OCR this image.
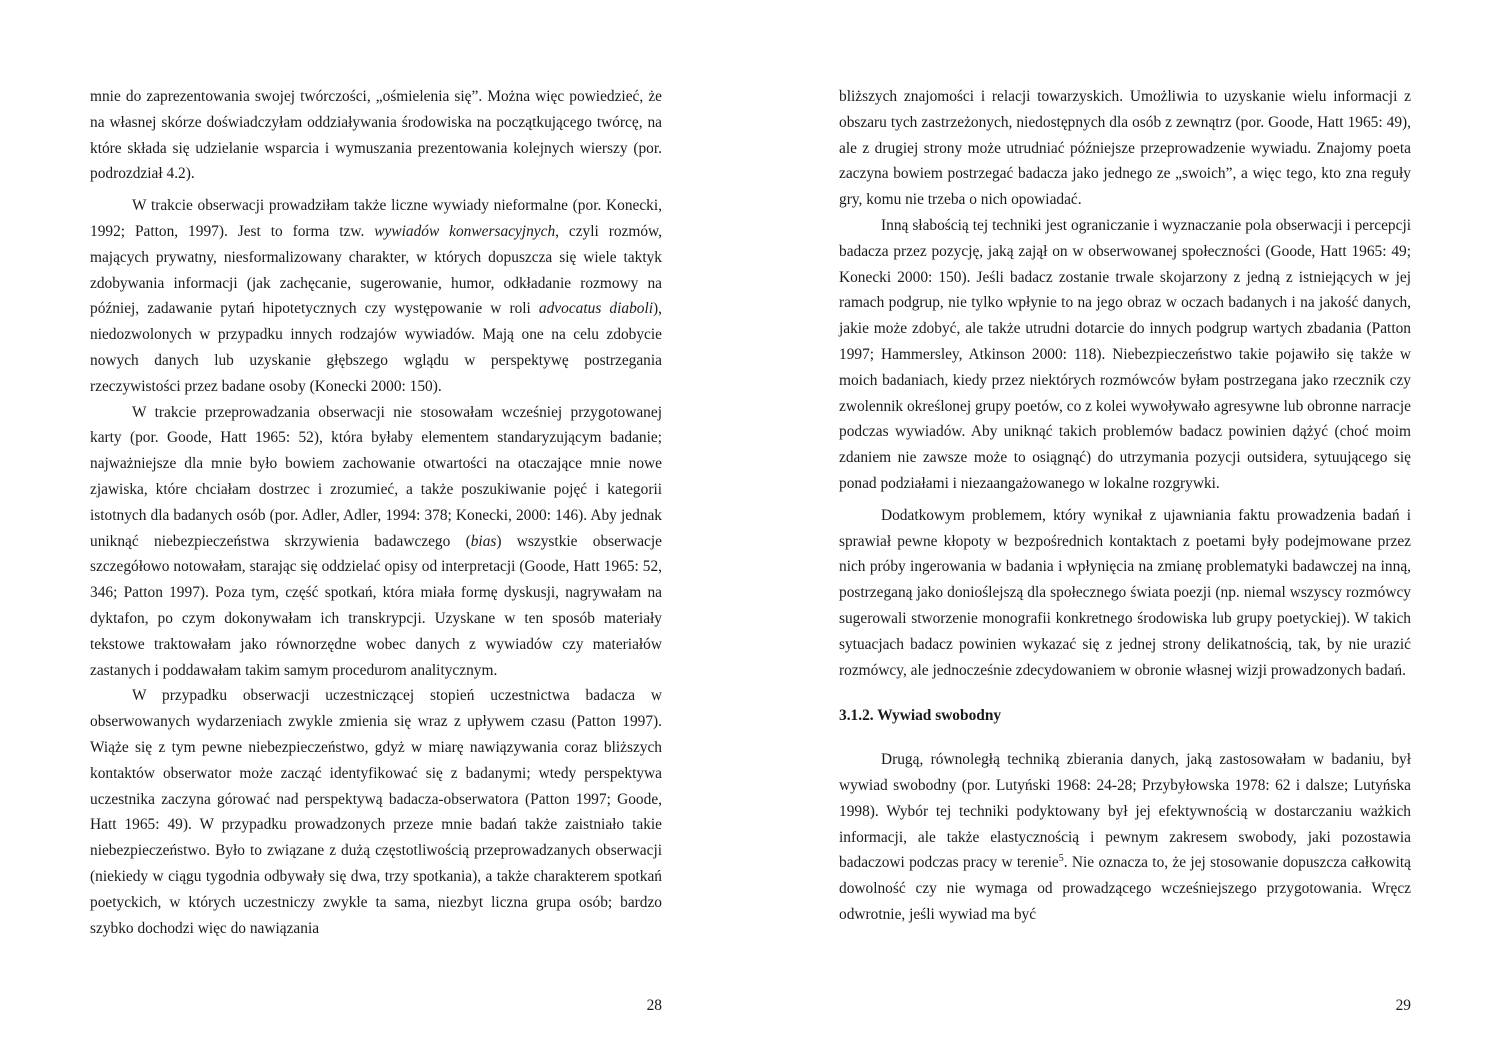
mnie do zaprezentowania swojej twórczości, „ośmielenia się”. Można więc powiedzieć, że na własnej skórze doświadczyłam oddziaływania środowiska na początkującego twórcę, na które składa się udzielanie wsparcia i wymuszania prezentowania kolejnych wierszy (por. podrozdział 4.2).

W trakcie obserwacji prowadziłam także liczne wywiady nieformalne (por. Konecki, 1992; Patton, 1997). Jest to forma tzw. wywiadów konwersacyjnych, czyli rozmów, mających prywatny, niesformalizowany charakter, w których dopuszcza się wiele taktyk zdobywania informacji (jak zachęcanie, sugerowanie, humor, odkładanie rozmowy na później, zadawanie pytań hipotetycznych czy występowanie w roli advocatus diaboli), niedozwolonych w przypadku innych rodzajów wywiadów. Mają one na celu zdobycie nowych danych lub uzyskanie głębszego wglądu w perspektywę postrzegania rzeczywistości przez badane osoby (Konecki 2000: 150).

W trakcie przeprowadzania obserwacji nie stosowałam wcześniej przygotowanej karty (por. Goode, Hatt 1965: 52), która byłaby elementem standaryzującym badanie; najważniejsze dla mnie było bowiem zachowanie otwartości na otaczające mnie nowe zjawiska, które chciałam dostrzec i zrozumieć, a także poszukiwanie pojęć i kategorii istotnych dla badanych osób (por. Adler, Adler, 1994: 378; Konecki, 2000: 146). Aby jednak uniknąć niebezpieczeństwa skrzywienia badawczego (bias) wszystkie obserwacje szczegółowo notowałam, starając się oddzielać opisy od interpretacji (Goode, Hatt 1965: 52, 346; Patton 1997). Poza tym, część spotkań, która miała formę dyskusji, nagrywałam na dyktafon, po czym dokonywałam ich transkrypcji. Uzyskane w ten sposób materiały tekstowe traktowałam jako równorzędne wobec danych z wywiadów czy materiałów zastanych i poddawałam takim samym procedurom analitycznym.

W przypadku obserwacji uczestniczącej stopień uczestnictwa badacza w obserwowanych wydarzeniach zwykle zmienia się wraz z upływem czasu (Patton 1997). Wiąże się z tym pewne niebezpieczeństwo, gdyż w miarę nawiązywania coraz bliższych kontaktów obserwator może zacząć identyfikować się z badanymi; wtedy perspektywa uczestnika zaczyna górować nad perspektywą badacza-obserwatora (Patton 1997; Goode, Hatt 1965: 49). W przypadku prowadzonych przeze mnie badań także zaistniało takie niebezpieczeństwo. Było to związane z dużą częstotliwością przeprowadzanych obserwacji (niekiedy w ciągu tygodnia odbywały się dwa, trzy spotkania), a także charakterem spotkań poetyckich, w których uczestniczy zwykle ta sama, niezbyt liczna grupa osób; bardzo szybko dochodzi więc do nawiązania

28

bliższych znajomości i relacji towarzyskich. Umożliwia to uzyskanie wielu informacji z obszaru tych zastrzeżonych, niedostępnych dla osób z zewnątrz (por. Goode, Hatt 1965: 49), ale z drugiej strony może utrudniać późniejsze przeprowadzenie wywiadu. Znajomy poeta zaczyna bowiem postrzegać badacza jako jednego ze „swoich”, a więc tego, kto zna reguły gry, komu nie trzeba o nich opowiadać.

Inną słabością tej techniki jest ograniczanie i wyznaczanie pola obserwacji i percepcji badacza przez pozycję, jaką zajął on w obserwowanej społeczności (Goode, Hatt 1965: 49; Konecki 2000: 150). Jeśli badacz zostanie trwale skojarzony z jedną z istniejących w jej ramach podgrup, nie tylko wpłynie to na jego obraz w oczach badanych i na jakość danych, jakie może zdobyć, ale także utrudni dotarcie do innych podgrup wartych zbadania (Patton 1997; Hammersley, Atkinson 2000: 118). Niebezpieczeństwo takie pojawiło się także w moich badaniach, kiedy przez niektórych rozmówców byłam postrzegana jako rzecznik czy zwolennik określonej grupy poetów, co z kolei wywoływało agresywne lub obronne narracje podczas wywiadów. Aby uniknąć takich problemów badacz powinien dążyć (choć moim zdaniem nie zawsze może to osiągnąć) do utrzymania pozycji outsidera, sytuującego się ponad podziałami i niezaangażowanego w lokalne rozgrywki.

Dodatkowym problemem, który wynikał z ujawniania faktu prowadzenia badań i sprawiał pewne kłopoty w bezpośrednich kontaktach z poetami były podejmowane przez nich próby ingerowania w badania i wpłynięcia na zmianę problematyki badawczej na inną, postrzeganą jako donioślejszą dla społecznego świata poezji (np. niemal wszyscy rozmówcy sugerowali stworzenie monografii konkretnego środowiska lub grupy poetyckiej). W takich sytuacjach badacz powinien wykazać się z jednej strony delikatnością, tak, by nie urazić rozmówcy, ale jednocześnie zdecydowaniem w obronie własnej wizji prowadzonych badań.

3.1.2. Wywiad swobodny

Drugą, równoległą techniką zbierania danych, jaką zastosowałam w badaniu, był wywiad swobodny (por. Lutyński 1968: 24-28; Przybyłowska 1978: 62 i dalsze; Lutyńska 1998). Wybór tej techniki podyktowany był jej efektywnością w dostarczaniu ważkich informacji, ale także elastycznością i pewnym zakresem swobody, jaki pozostawia badaczowi podczas pracy w terenie$^5$. Nie oznacza to, że jej stosowanie dopuszcza całkowitą dowolność czy nie wymaga od prowadzącego wcześniejszego przygotowania. Wręcz odwrotnie, jeśli wywiad ma być

29
